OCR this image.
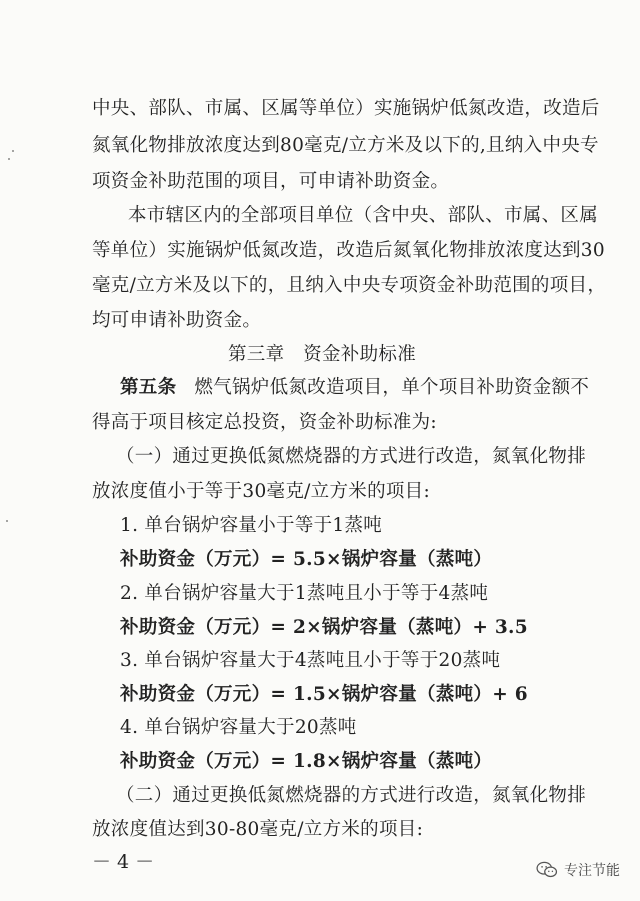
中央、部队、市属、区属等单位）实施锅炉低氮改造，改造后
氮氧化物排放浓度达到80毫克/立方米及以下的,且纳入中央专
项资金补助范围的项目，可申请补助资金。
本市辖区内的全部项目单位（含中央、部队、市属、区属
等单位）实施锅炉低氮改造，改造后氮氧化物排放浓度达到30
毫克/立方米及以下的，且纳入中央专项资金补助范围的项目，
均可申请补助资金。
第三章　资金补助标准
第五条 燃气锅炉低氮改造项目，单个项目补助资金额不
得高于项目核定总投资，资金补助标准为:
（一）通过更换低氮燃烧器的方式进行改造，氮氧化物排
放浓度值小于等于30毫克/立方米的项目:
1. 单台锅炉容量小于等于1蒸吨
补助资金（万元）= 5.5×锅炉容量（蒸吨）
2. 单台锅炉容量大于1蒸吨且小于等于4蒸吨
补助资金（万元）= 2×锅炉容量（蒸吨）+ 3.5
3. 单台锅炉容量大于4蒸吨且小于等于20蒸吨
补助资金（万元）= 1.5×锅炉容量（蒸吨）+ 6
4. 单台锅炉容量大于20蒸吨
补助资金（万元）= 1.8×锅炉容量（蒸吨）
（二）通过更换低氮燃烧器的方式进行改造，氮氧化物排
放浓度值达到30-80毫克/立方米的项目:
－ 4 －	专注节能
